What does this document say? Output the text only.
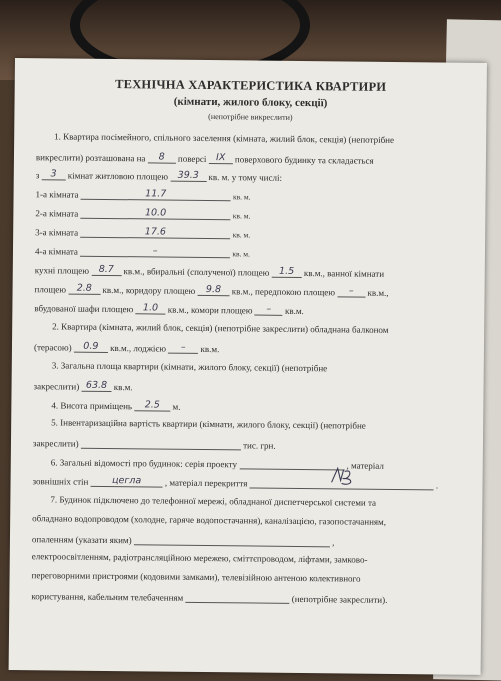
ТЕХНІЧНА ХАРАКТЕРИСТИКА КВАРТИРИ
(кімнати, жилого блоку, секції)
(непотрібне викреслити)
1. Квартира посімейного, спільного заселення (кімната, жилий блок, секція) (непотрібне
викреслити) розташована на 8 поверсі IX поверхового будинку та складається
з 3 кімнат житловою площею 39.3 кв. м. у тому числі:
1-а кімната	11.7	кв. м.
2-а кімната	10.0	кв. м.
3-а кімната	17.6	кв. м.
4-а кімната	–	кв. м.
кухні площею 8.7 кв.м., вбиральні (сполученої) площею 1.5 кв.м., ванної кімнати
площею 2.8 кв.м., коридору площею 9.8 кв.м., передпокою площею – кв.м.,
вбудованої шафи площею 1.0 кв.м., комори площею – кв.м.
2. Квартира (кімната, жилий блок, секція) (непотрібне закреслити) обладнана балконом
(терасою) 0.9 кв.м., лоджією – кв.м.
3. Загальна площа квартири (кімнати, жилого блоку, секції) (непотрібне
закреслити) 63.8 кв.м.
4. Висота приміщень 2.5 м.
5. Інвентаризаційна вартість квартири (кімнати, жилого блоку, секції) (непотрібне
закреслити)	тис. грн.
6. Загальні відомості про будинок: серія проекту	, матеріал
зовнішніх стін цегла	, матеріал перекриття	.
7. Будинок підключено до телефонної мережі, обладнаної диспетчерської системи та
обладнано водопроводом (холодне, гаряче водопостачання), каналізацією, газопостачанням,
опаленням (указати яким)	,
електроосвітленням, радіотрансляційною мережею, сміттєпроводом, ліфтами, замково-
переговорними пристроями (кодовими замками), телевізійною антеною колективного
користування, кабельним телебаченням	(непотрібне закреслити).
